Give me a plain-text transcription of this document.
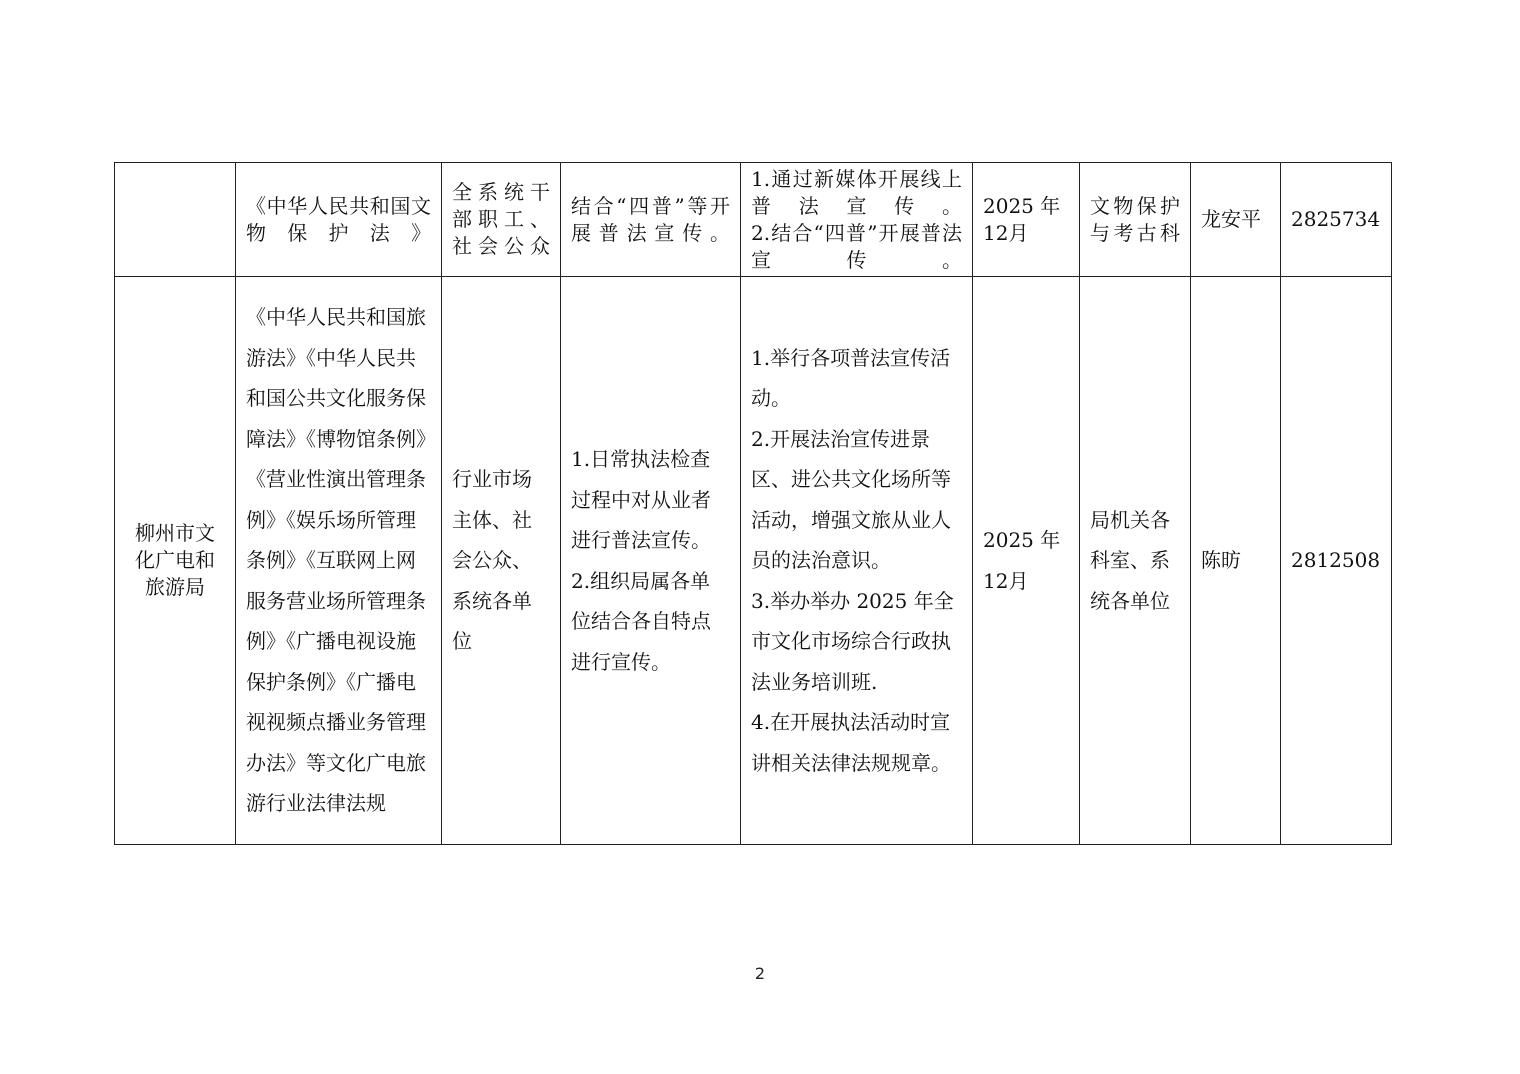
	《中华人民共和国文物保护法》	全系统干部职工、社会公众	结合“四普”等开展普法宣传。	1.通过新媒体开展线上普法宣传。
2.结合“四普”开展普法宣传。	2025 年 12月	文物保护与考古科	龙安平	2825734
柳州市文化广电和旅游局	《中华人民共和国旅游法》《中华人民共和国公共文化服务保障法》《博物馆条例》《营业性演出管理条例》《娱乐场所管理条例》《互联网上网服务营业场所管理条例》《广播电视设施保护条例》《广播电视视频点播业务管理办法》等文化广电旅游行业法律法规	行业市场主体、社会公众、系统各单位	1.日常执法检查过程中对从业者进行普法宣传。
2.组织局属各单位结合各自特点进行宣传。	1.举行各项普法宣传活动。
2.开展法治宣传进景区、进公共文化场所等活动，增强文旅从业人员的法治意识。
3.举办举办 2025 年全市文化市场综合行政执法业务培训班.
4.在开展执法活动时宣讲相关法律法规规章。	2025 年 12月	局机关各科室、系统各单位	陈昉	2812508
2
